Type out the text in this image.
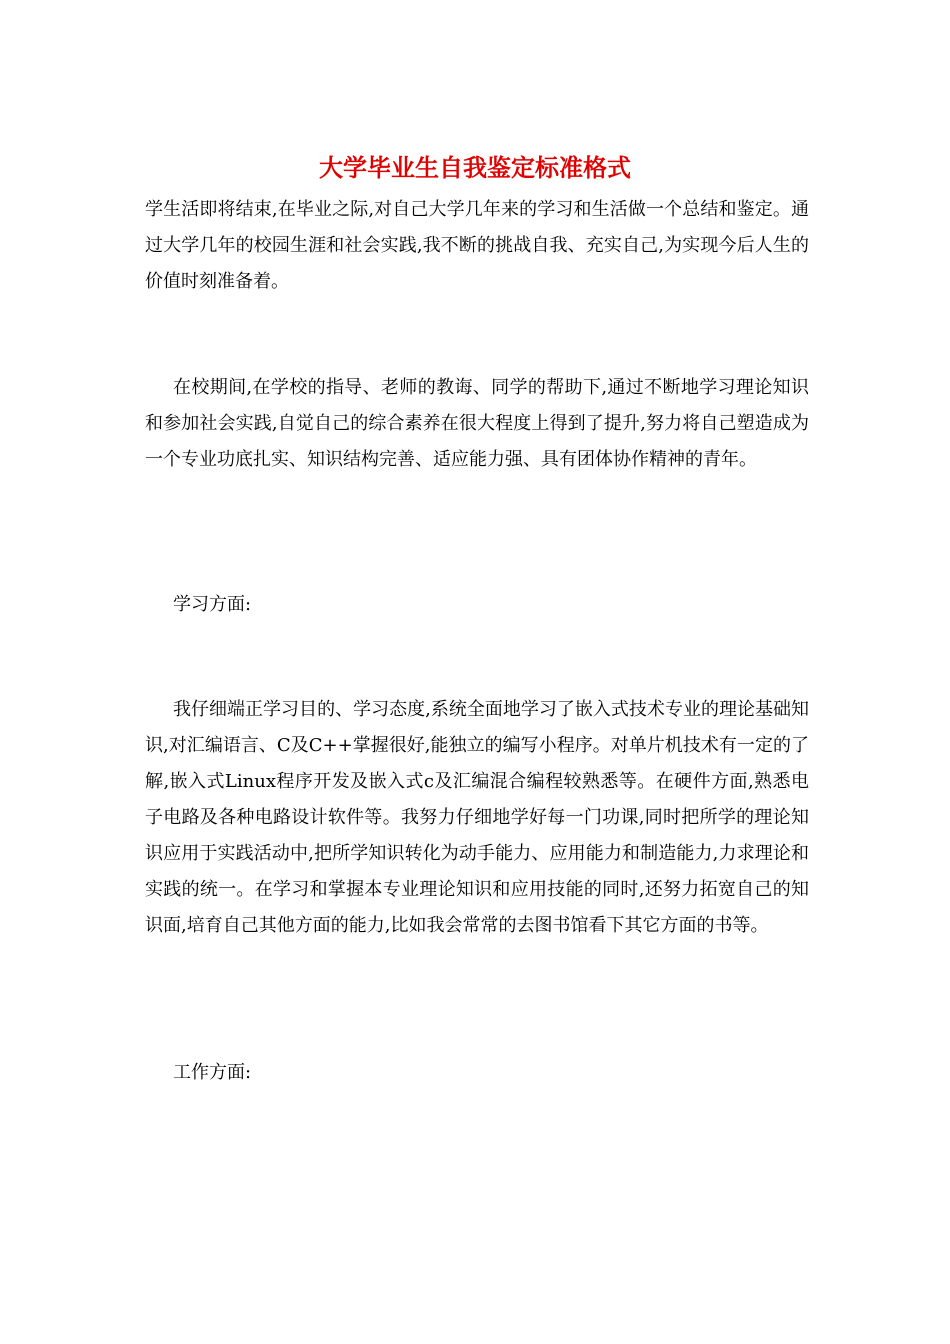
大学毕业生自我鉴定标准格式

学生活即将结束,在毕业之际,对自己大学几年来的学习和生活做一个总结和鉴定。通过大学几年的校园生涯和社会实践,我不断的挑战自我、充实自己,为实现今后人生的价值时刻准备着。

在校期间,在学校的指导、老师的教诲、同学的帮助下,通过不断地学习理论知识和参加社会实践,自觉自己的综合素养在很大程度上得到了提升,努力将自己塑造成为一个专业功底扎实、知识结构完善、适应能力强、具有团体协作精神的青年。

学习方面:

我仔细端正学习目的、学习态度,系统全面地学习了嵌入式技术专业的理论基础知识,对汇编语言、C及C++掌握很好,能独立的编写小程序。对单片机技术有一定的了解,嵌入式Linux程序开发及嵌入式c及汇编混合编程较熟悉等。在硬件方面,熟悉电子电路及各种电路设计软件等。我努力仔细地学好每一门功课,同时把所学的理论知识应用于实践活动中,把所学知识转化为动手能力、应用能力和制造能力,力求理论和实践的统一。在学习和掌握本专业理论知识和应用技能的同时,还努力拓宽自己的知识面,培育自己其他方面的能力,比如我会常常的去图书馆看下其它方面的书等。

工作方面:
